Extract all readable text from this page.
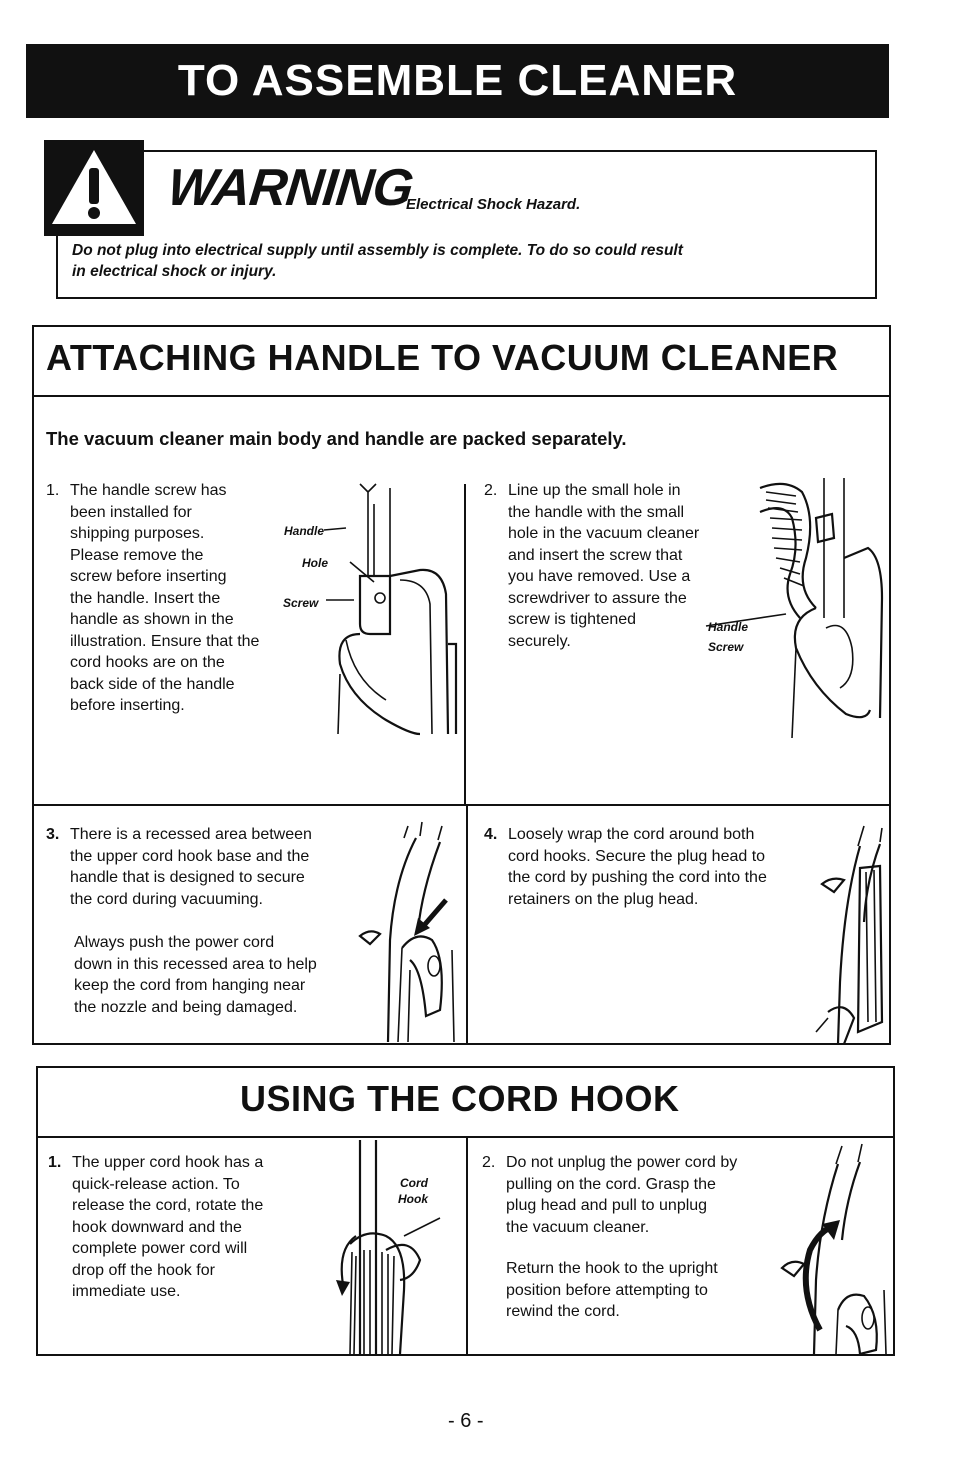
TO ASSEMBLE CLEANER
WARNING
Electrical Shock Hazard.
Do not plug into electrical supply until assembly is complete. To do so could result
in electrical shock or injury.
ATTACHING HANDLE TO VACUUM CLEANER
The vacuum cleaner main body and handle are packed separately.
1. The handle screw has
been installed for
shipping purposes.
Please remove the
screw before inserting
the handle. Insert the
handle as shown in the
illustration. Ensure that the
cord hooks are on the
back side of the handle
before inserting.
Handle
Hole
Screw
2. Line up the small hole in
the handle with the small
hole in the vacuum cleaner
and insert the screw that
you have removed. Use a
screwdriver to assure the
screw is tightened
securely.
Handle
Screw
3. There is a recessed area between
the upper cord hook base and the
handle that is designed to secure
the cord during vacuuming.
Always push the power cord
down in this recessed area to help
keep the cord from hanging near
the nozzle and being damaged.
4. Loosely wrap the cord around both
cord hooks. Secure the plug head to
the cord by pushing the cord into the
retainers on the plug head.
USING THE CORD HOOK
1. The upper cord hook has a
quick-release action. To
release the cord, rotate the
hook downward and the
complete power cord will
drop off the hook for
immediate use.
Cord
Hook
2. Do not unplug the power cord by
pulling on the cord. Grasp the
plug head and pull to unplug
the vacuum cleaner.
Return the hook to the upright
position before attempting to
rewind the cord.
- 6 -
